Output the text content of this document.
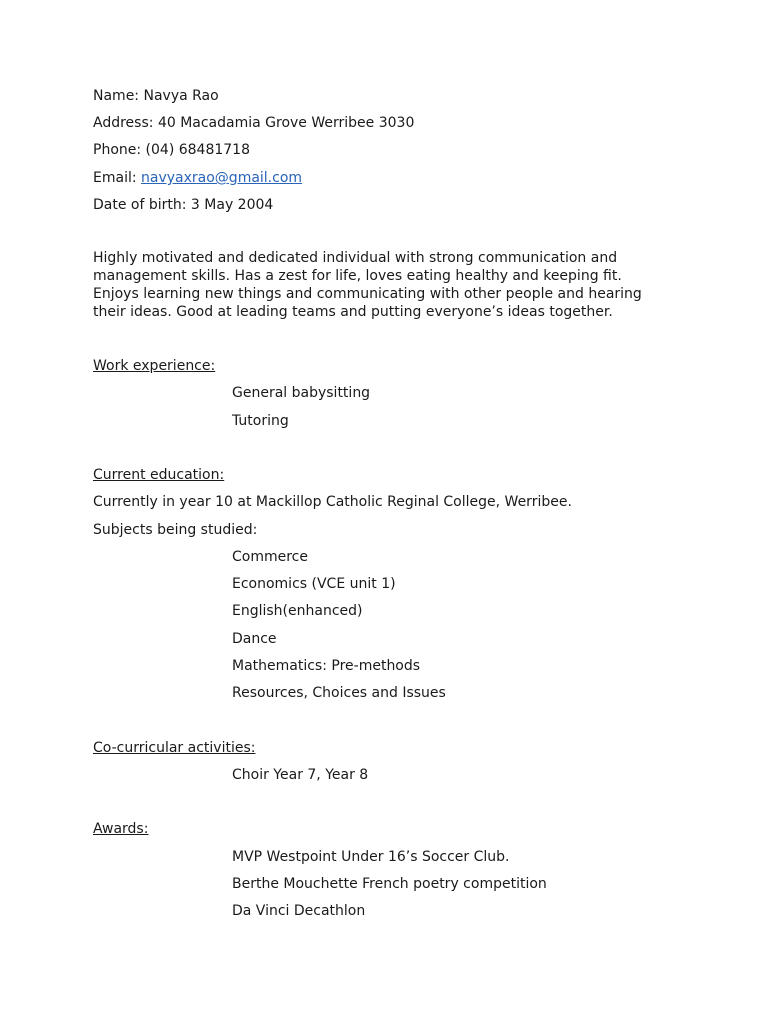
Name: Navya Rao
Address: 40 Macadamia Grove Werribee 3030
Phone: (04) 68481718
Email: navyaxrao@gmail.com
Date of birth: 3 May 2004
Highly motivated and dedicated individual with strong communication and
management skills. Has a zest for life, loves eating healthy and keeping fit.
Enjoys learning new things and communicating with other people and hearing
their ideas. Good at leading teams and putting everyone’s ideas together.
Work experience:
General babysitting
Tutoring
Current education:
Currently in year 10 at Mackillop Catholic Reginal College, Werribee.
Subjects being studied:
Commerce
Economics (VCE unit 1)
English(enhanced)
Dance
Mathematics: Pre-methods
Resources, Choices and Issues
Co-curricular activities:
Choir Year 7, Year 8
Awards:
MVP Westpoint Under 16’s Soccer Club.
Berthe Mouchette French poetry competition
Da Vinci Decathlon
